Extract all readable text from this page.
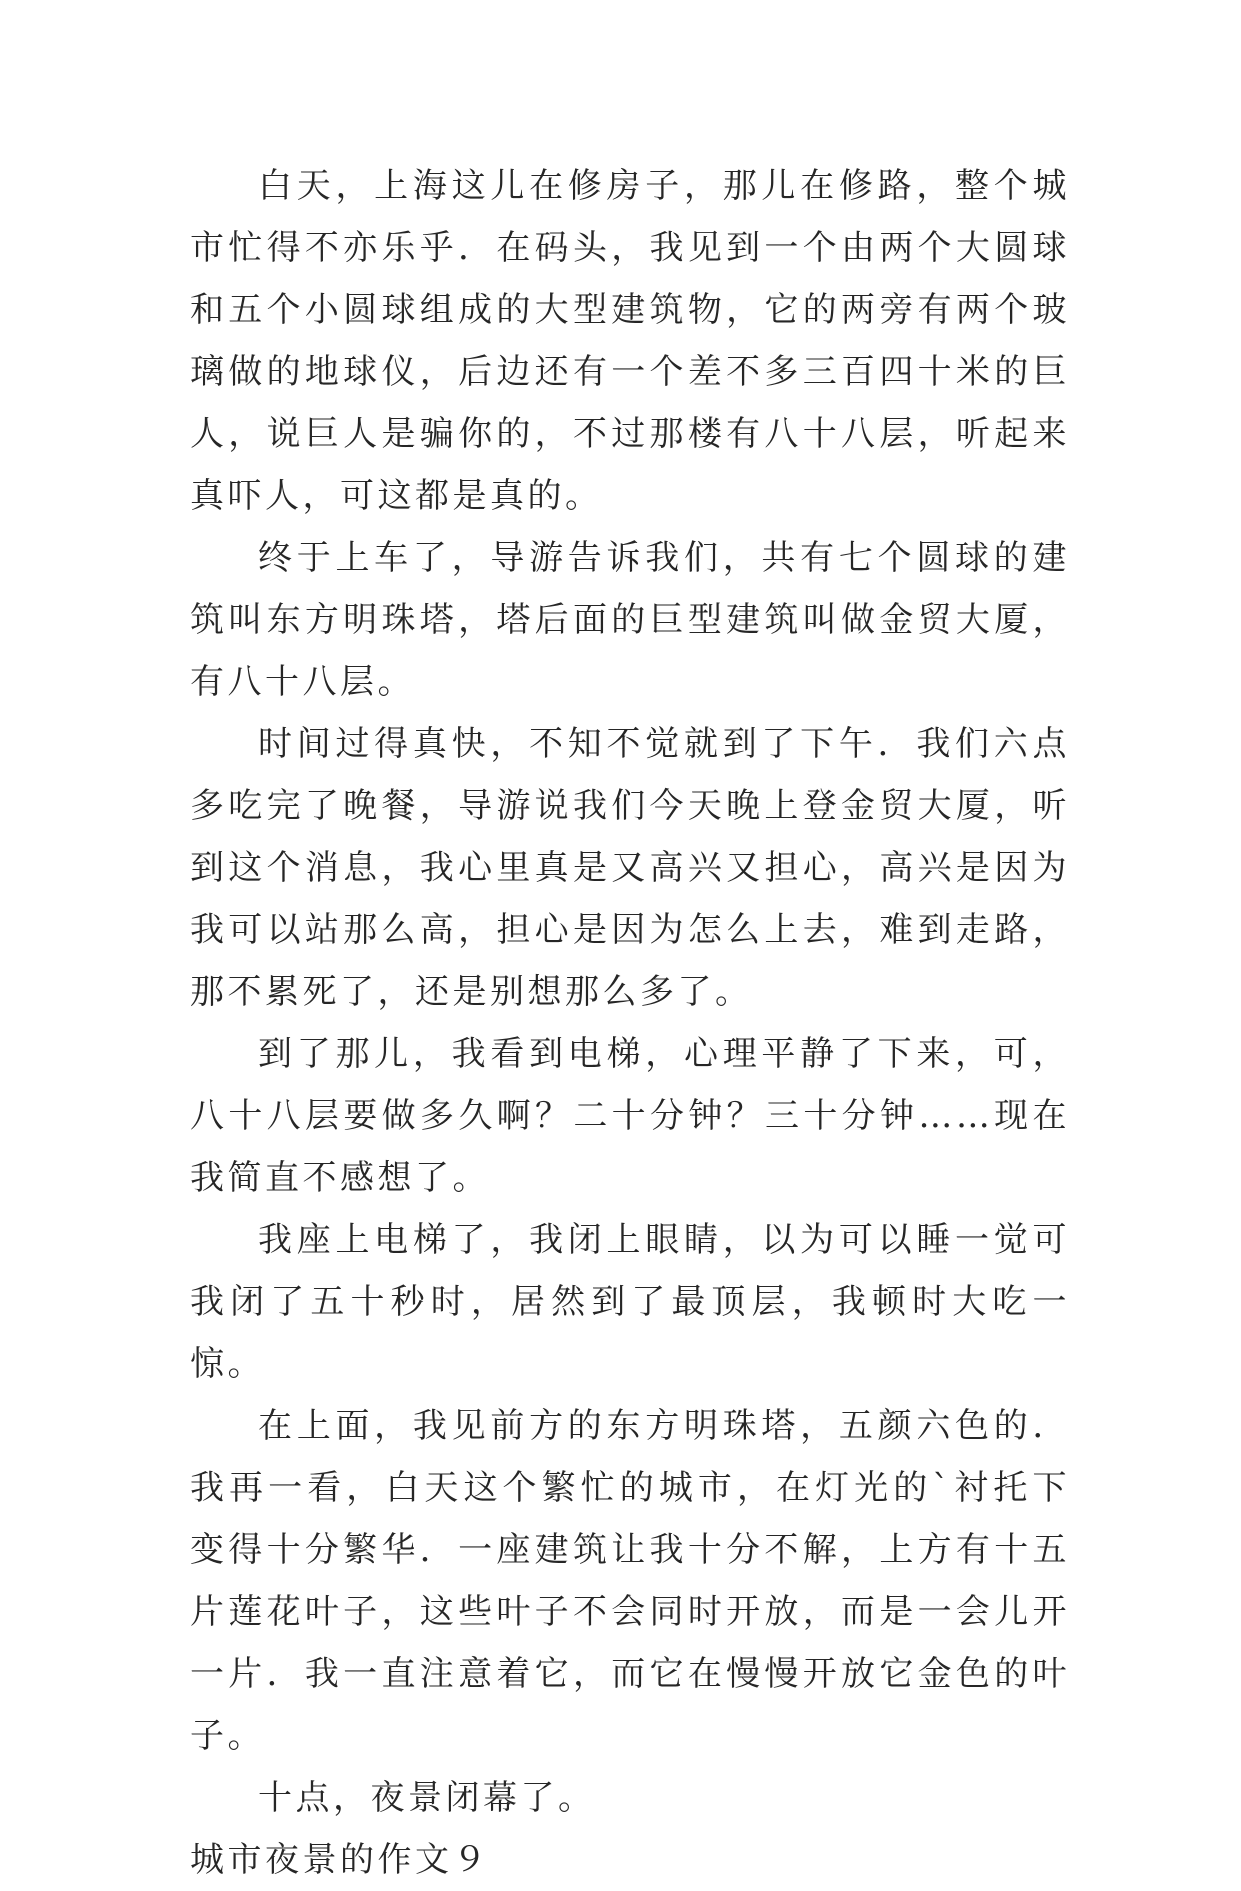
白天，上海这儿在修房子，那儿在修路，整个城市忙得不亦乐乎．在码头，我见到一个由两个大圆球和五个小圆球组成的大型建筑物，它的两旁有两个玻璃做的地球仪，后边还有一个差不多三百四十米的巨人，说巨人是骗你的，不过那楼有八十八层，听起来真吓人，可这都是真的。

终于上车了，导游告诉我们，共有七个圆球的建筑叫东方明珠塔，塔后面的巨型建筑叫做金贸大厦，有八十八层。

时间过得真快，不知不觉就到了下午．我们六点多吃完了晚餐，导游说我们今天晚上登金贸大厦，听到这个消息，我心里真是又高兴又担心，高兴是因为我可以站那么高，担心是因为怎么上去，难到走路，那不累死了，还是别想那么多了。

到了那儿，我看到电梯，心理平静了下来，可，八十八层要做多久啊？二十分钟？三十分钟……现在我简直不感想了。

我座上电梯了，我闭上眼睛，以为可以睡一觉可我闭了五十秒时，居然到了最顶层，我顿时大吃一惊。

在上面，我见前方的东方明珠塔，五颜六色的．我再一看，白天这个繁忙的城市，在灯光的`衬托下变得十分繁华．一座建筑让我十分不解，上方有十五片莲花叶子，这些叶子不会同时开放，而是一会儿开一片．我一直注意着它，而它在慢慢开放它金色的叶子。

十点，夜景闭幕了。

城市夜景的作文９
